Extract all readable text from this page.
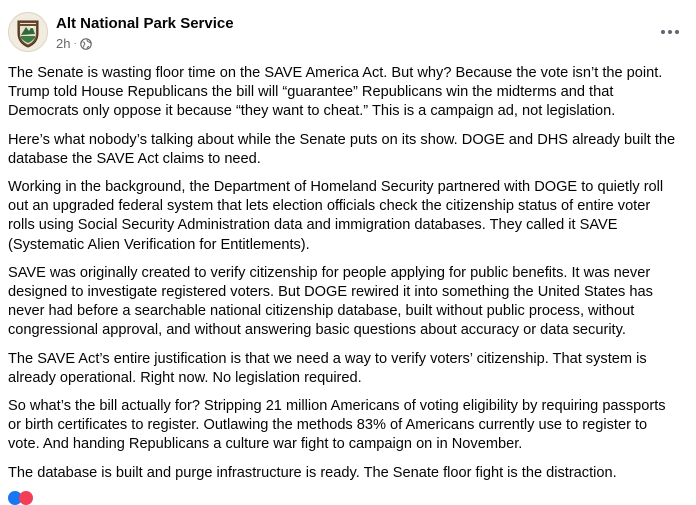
Alt National Park Service
2h ·

The Senate is wasting floor time on the SAVE America Act. But why? Because the vote isn’t the point. Trump told House Republicans the bill will “guarantee” Republicans win the midterms and that Democrats only oppose it because “they want to cheat.” This is a campaign ad, not legislation.

Here’s what nobody’s talking about while the Senate puts on its show. DOGE and DHS already built the database the SAVE Act claims to need.

Working in the background, the Department of Homeland Security partnered with DOGE to quietly roll out an upgraded federal system that lets election officials check the citizenship status of entire voter rolls using Social Security Administration data and immigration databases. They called it SAVE (Systematic Alien Verification for Entitlements).

SAVE was originally created to verify citizenship for people applying for public benefits. It was never designed to investigate registered voters. But DOGE rewired it into something the United States has never had before a searchable national citizenship database, built without public process, without congressional approval, and without answering basic questions about accuracy or data security.

The SAVE Act’s entire justification is that we need a way to verify voters’ citizenship. That system is already operational. Right now. No legislation required.

So what’s the bill actually for? Stripping 21 million Americans of voting eligibility by requiring passports or birth certificates to register. Outlawing the methods 83% of Americans currently use to register to vote. And handing Republicans a culture war fight to campaign on in November.

The database is built and purge infrastructure is ready. The Senate floor fight is the distraction.
